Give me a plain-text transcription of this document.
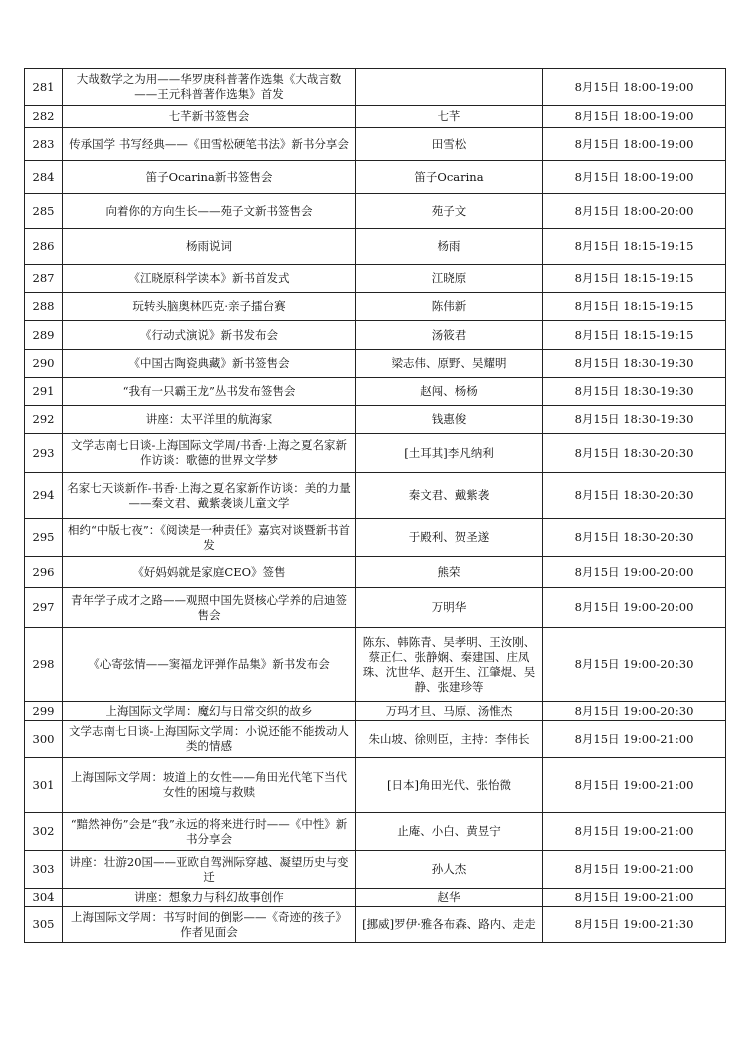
281	大哉数学之为用——华罗庚科普著作选集《大哉言数——王元科普著作选集》首发		8月15日 18:00-19:00
282	七芊新书签售会	七芊	8月15日 18:00-19:00
283	传承国学 书写经典——《田雪松硬笔书法》新书分享会	田雪松	8月15日 18:00-19:00
284	笛子Ocarina新书签售会	笛子Ocarina	8月15日 18:00-19:00
285	向着你的方向生长——苑子文新书签售会	苑子文	8月15日 18:00-20:00
286	杨雨说词	杨雨	8月15日 18:15-19:15
287	《江晓原科学读本》新书首发式	江晓原	8月15日 18:15-19:15
288	玩转头脑奥林匹克·亲子擂台赛	陈伟新	8月15日 18:15-19:15
289	《行动式演说》新书发布会	汤筱君	8月15日 18:15-19:15
290	《中国古陶瓷典藏》新书签售会	梁志伟、原野、吴耀明	8月15日 18:30-19:30
291	“我有一只霸王龙”丛书发布签售会	赵闯、杨杨	8月15日 18:30-19:30
292	讲座：太平洋里的航海家	钱惠俊	8月15日 18:30-19:30
293	文学志南七日谈-上海国际文学周/书香·上海之夏名家新作访谈：歌德的世界文学梦	[土耳其]李凡纳利	8月15日 18:30-20:30
294	名家七天谈新作-书香·上海之夏名家新作访谈：美的力量——秦文君、戴紫袭谈儿童文学	秦文君、戴紫袭	8月15日 18:30-20:30
295	相约“中版七夜”：《阅读是一种责任》嘉宾对谈暨新书首发	于殿利、贺圣遂	8月15日 18:30-20:30
296	《好妈妈就是家庭CEO》签售	熊荣	8月15日 19:00-20:00
297	青年学子成才之路——观照中国先贤核心学养的启迪签售会	万明华	8月15日 19:00-20:00
298	《心寄弦情——窦福龙评弹作品集》新书发布会	陈东、韩陈青、吴孝明、王汝刚、蔡正仁、张静娴、秦建国、庄凤珠、沈世华、赵开生、江肇焜、吴静、张建珍等	8月15日 19:00-20:30
299	上海国际文学周：魔幻与日常交织的故乡	万玛才旦、马原、汤惟杰	8月15日 19:00-20:30
300	文学志南七日谈-上海国际文学周：小说还能不能拨动人类的情感	朱山坡、徐则臣，主持：李伟长	8月15日 19:00-21:00
301	上海国际文学周：坡道上的女性——角田光代笔下当代女性的困境与救赎	[日本]角田光代、张怡微	8月15日 19:00-21:00
302	“黯然神伤”会是“我”永远的将来进行时——《中性》新书分享会	止庵、小白、黄昱宁	8月15日 19:00-21:00
303	讲座：壮游20国——亚欧自驾洲际穿越、凝望历史与变迁	孙人杰	8月15日 19:00-21:00
304	讲座：想象力与科幻故事创作	赵华	8月15日 19:00-21:00
305	上海国际文学周：书写时间的倒影——《奇迹的孩子》作者见面会	[挪威]罗伊·雅各布森、路内、走走	8月15日 19:00-21:30
